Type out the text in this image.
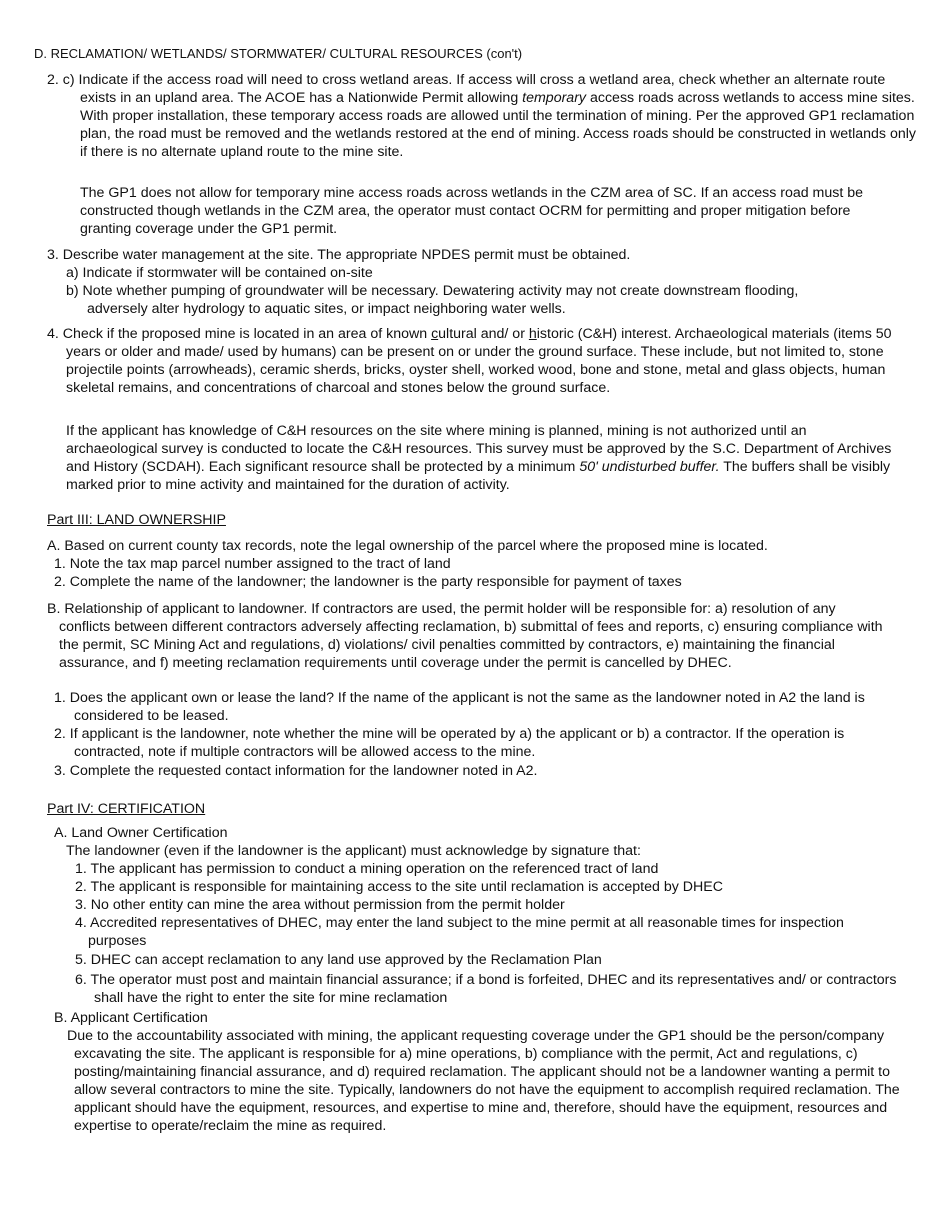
D. RECLAMATION/ WETLANDS/ STORMWATER/ CULTURAL RESOURCES (con't)

2. c) Indicate if the access road will need to cross wetland areas. If access will cross a wetland area, check whether an alternate route exists in an upland area. The ACOE has a Nationwide Permit allowing temporary access roads across wetlands to access mine sites. With proper installation, these temporary access roads are allowed until the termination of mining. Per the approved GP1 reclamation plan, the road must be removed and the wetlands restored at the end of mining. Access roads should be constructed in wetlands only if there is no alternate upland route to the mine site.

The GP1 does not allow for temporary mine access roads across wetlands in the CZM area of SC. If an access road must be constructed though wetlands in the CZM area, the operator must contact OCRM for permitting and proper mitigation before granting coverage under the GP1 permit.

3. Describe water management at the site. The appropriate NPDES permit must be obtained.

a) Indicate if stormwater will be contained on-site

b) Note whether pumping of groundwater will be necessary. Dewatering activity may not create downstream flooding, adversely alter hydrology to aquatic sites, or impact neighboring water wells.

4. Check if the proposed mine is located in an area of known cultural and/ or historic (C&H) interest. Archaeological materials (items 50 years or older and made/ used by humans) can be present on or under the ground surface. These include, but not limited to, stone projectile points (arrowheads), ceramic sherds, bricks, oyster shell, worked wood, bone and stone, metal and glass objects, human skeletal remains, and concentrations of charcoal and stones below the ground surface.

If the applicant has knowledge of C&H resources on the site where mining is planned, mining is not authorized until an archaeological survey is conducted to locate the C&H resources. This survey must be approved by the S.C. Department of Archives and History (SCDAH). Each significant resource shall be protected by a minimum 50' undisturbed buffer. The buffers shall be visibly marked prior to mine activity and maintained for the duration of activity.

Part III: LAND OWNERSHIP

A. Based on current county tax records, note the legal ownership of the parcel where the proposed mine is located.

1. Note the tax map parcel number assigned to the tract of land

2. Complete the name of the landowner; the landowner is the party responsible for payment of taxes

B. Relationship of applicant to landowner. If contractors are used, the permit holder will be responsible for: a) resolution of any conflicts between different contractors adversely affecting reclamation, b) submittal of fees and reports, c) ensuring compliance with the permit, SC Mining Act and regulations, d) violations/ civil penalties committed by contractors, e) maintaining the financial assurance, and f) meeting reclamation requirements until coverage under the permit is cancelled by DHEC.

1. Does the applicant own or lease the land? If the name of the applicant is not the same as the landowner noted in A2 the land is considered to be leased.

2. If applicant is the landowner, note whether the mine will be operated by a) the applicant or b) a contractor. If the operation is contracted, note if multiple contractors will be allowed access to the mine.

3. Complete the requested contact information for the landowner noted in A2.

Part IV: CERTIFICATION
A. Land Owner Certification

The landowner (even if the landowner is the applicant) must acknowledge by signature that:

1. The applicant has permission to conduct a mining operation on the referenced tract of land

2. The applicant is responsible for maintaining access to the site until reclamation is accepted by DHEC

3. No other entity can mine the area without permission from the permit holder

4. Accredited representatives of DHEC, may enter the land subject to the mine permit at all reasonable times for inspection purposes

5. DHEC can accept reclamation to any land use approved by the Reclamation Plan

6. The operator must post and maintain financial assurance; if a bond is forfeited, DHEC and its representatives and/ or contractors shall have the right to enter the site for mine reclamation

B. Applicant Certification

Due to the accountability associated with mining, the applicant requesting coverage under the GP1 should be the person/company excavating the site. The applicant is responsible for a) mine operations, b) compliance with the permit, Act and regulations, c) posting/maintaining financial assurance, and d) required reclamation. The applicant should not be a landowner wanting a permit to allow several contractors to mine the site. Typically, landowners do not have the equipment to accomplish required reclamation. The applicant should have the equipment, resources, and expertise to mine and, therefore, should have the equipment, resources and expertise to operate/reclaim the mine as required.
